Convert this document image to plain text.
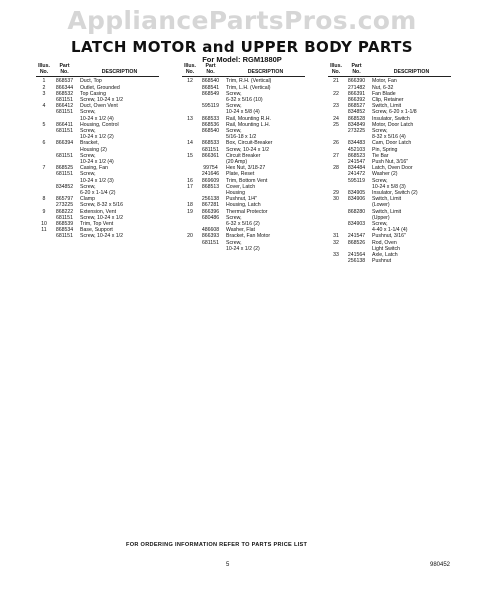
AppliancePartsPros.com
LATCH MOTOR and UPPER BODY PARTS
For Model: RGM1880P
Illus.
No.
Part
No.	DESCRIPTION
1	868537	Duct, Top
2	866344	Outlet, Grounded
3	868532	Top Casing
681151	Screw, 10-24 x 1/2
4	866412	Duct, Oven Vent
681151	Screw,
10-24 x 1/2 (4)
5	866411	Housing, Control
681151	Screw,
10-24 x 1/2 (2)
6	866394	Bracket,
Housing (2)
681151	Screw,
10-24 x 1/2 (4)
7	868525	Casing, Fan
681151	Screw,
10-24 x 1/2 (3)
834852	Screw,
6-20 x 1-1/4 (2)
8	865797	Clamp
273225	Screw, 8-32 x 5/16
9	868222	Extension, Vent
681151	Screw, 10-24 x 1/2
10	868539	Trim, Top Vent
11	868534	Base, Support
681151	Screw, 10-24 x 1/2
Illus.
No.
Part
No.	DESCRIPTION
12	868540	Trim, R.H. (Vertical)
868541	Trim, L.H. (Vertical)
868549	Screw,
6-32 x 5/16 (10)
595119	Screw,
10-24 x 5/8 (4)
13	868533	Rail, Mounting R.H.
868536	Rail, Mounting L.H.
868540	Screw,
5/16-18 x 1/2
14	868533	Box, Circuit-Breaker
681151	Screw, 10-24 x 1/2
15	866361	Circuit Breaker
(20 Amp)
99754	Hex Nut, 3/18-27
241646	Plate, Reset
16	869609	Trim, Bottom Vent
17	868513	Cover, Latch
Housing
256138	Pushnut, 1/4"
18	867281	Housing, Latch
19	866396	Thermal Protector
680486	Screw,
6-32 x 5/16 (2)
486608	Washer, Flat
20	866393	Bracket, Fan Motor
681151	Screw,
10-24 x 1/2 (2)
Illus.
No.
Part
No.	DESCRIPTION
21	866390	Motor, Fan
271482	Nut, 6-32
22	866391	Fan Blade
866392	Clip, Retainer
23	868527	Switch, Limit
834852	Screw, 6-20 x 1-1/8
24	868528	Insulator, Switch
25	834849	Motor, Door Latch
273225	Screw,
8-32 x 5/16 (4)
26	834483	Cam, Door Latch
452103	Pin, Spring
27	868523	Tie Bar
241547	Push Nut, 3/16"
28	834484	Latch, Oven Door
241472	Washer (2)
595119	Screw,
10-24 x 5/8 (3)
29	834905	Insulator, Switch (2)
30	834906	Switch, Limit
(Lower)
868280	Switch, Limit
(Upper)
834903	Screw,
4-40 x 1-1/4 (4)
31	241547	Pushnut, 3/16"
32	868526	Rod, Oven
Light Switch
33	241564	Axle, Latch
256138	Pushnut
FOR ORDERING INFORMATION REFER TO PARTS PRICE LIST
5	980452
